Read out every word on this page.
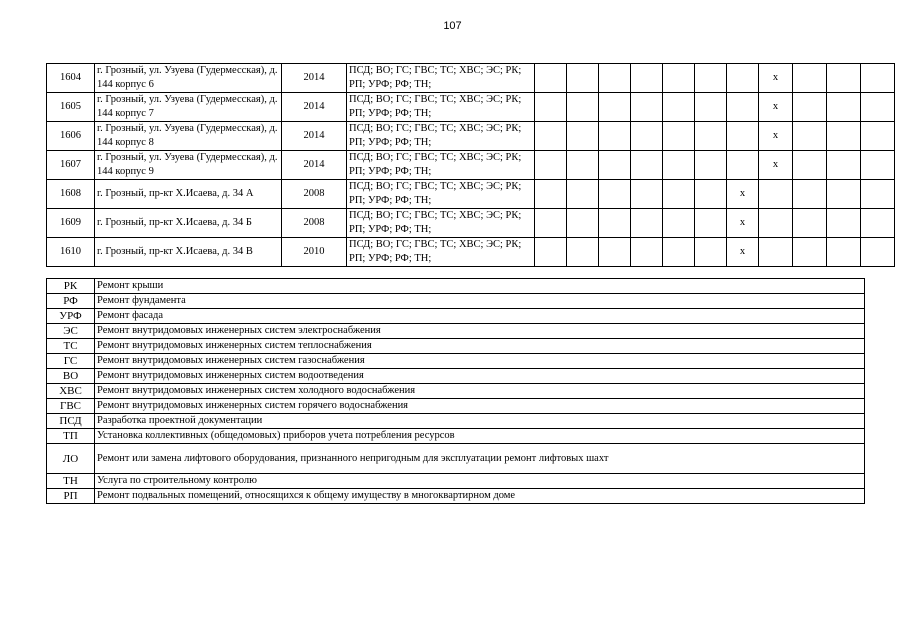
107
1604	г. Грозный, ул. Узуева (Гудермесская), д. 144 корпус 6	2014	ПСД; ВО; ГС; ГВС; ТС; ХВС; ЭС; РК; РП; УРФ; РФ; ТН;								x			
1605	г. Грозный, ул. Узуева (Гудермесская), д. 144 корпус 7	2014	ПСД; ВО; ГС; ГВС; ТС; ХВС; ЭС; РК; РП; УРФ; РФ; ТН;								x			
1606	г. Грозный, ул. Узуева (Гудермесская), д. 144 корпус 8	2014	ПСД; ВО; ГС; ГВС; ТС; ХВС; ЭС; РК; РП; УРФ; РФ; ТН;								x			
1607	г. Грозный, ул. Узуева (Гудермесская), д. 144 корпус 9	2014	ПСД; ВО; ГС; ГВС; ТС; ХВС; ЭС; РК; РП; УРФ; РФ; ТН;								x			
1608	г. Грозный, пр-кт Х.Исаева, д. 34 А	2008	ПСД; ВО; ГС; ГВС; ТС; ХВС; ЭС; РК; РП; УРФ; РФ; ТН;							x				
1609	г. Грозный, пр-кт Х.Исаева, д. 34 Б	2008	ПСД; ВО; ГС; ГВС; ТС; ХВС; ЭС; РК; РП; УРФ; РФ; ТН;							x				
1610	г. Грозный, пр-кт Х.Исаева, д. 34 В	2010	ПСД; ВО; ГС; ГВС; ТС; ХВС; ЭС; РК; РП; УРФ; РФ; ТН;							x				
РК	Ремонт крыши
РФ	Ремонт фундамента
УРФ	Ремонт фасада
ЭС	Ремонт внутридомовых инженерных систем электроснабжения
ТС	Ремонт внутридомовых инженерных систем теплоснабжения
ГС	Ремонт внутридомовых инженерных систем газоснабжения
ВО	Ремонт внутридомовых инженерных систем водоотведения
ХВС	Ремонт внутридомовых инженерных систем холодного водоснабжения
ГВС	Ремонт внутридомовых инженерных систем горячего водоснабжения
ПСД	Разработка проектной документации
ТП	Установка коллективных (общедомовых) приборов учета потребления ресурсов
ЛО	Ремонт или замена лифтового оборудования, признанного непригодным для эксплуатации ремонт лифтовых шахт
ТН	Услуга по строительному контролю
РП	Ремонт подвальных помещений, относящихся к общему имуществу в многоквартирном доме
